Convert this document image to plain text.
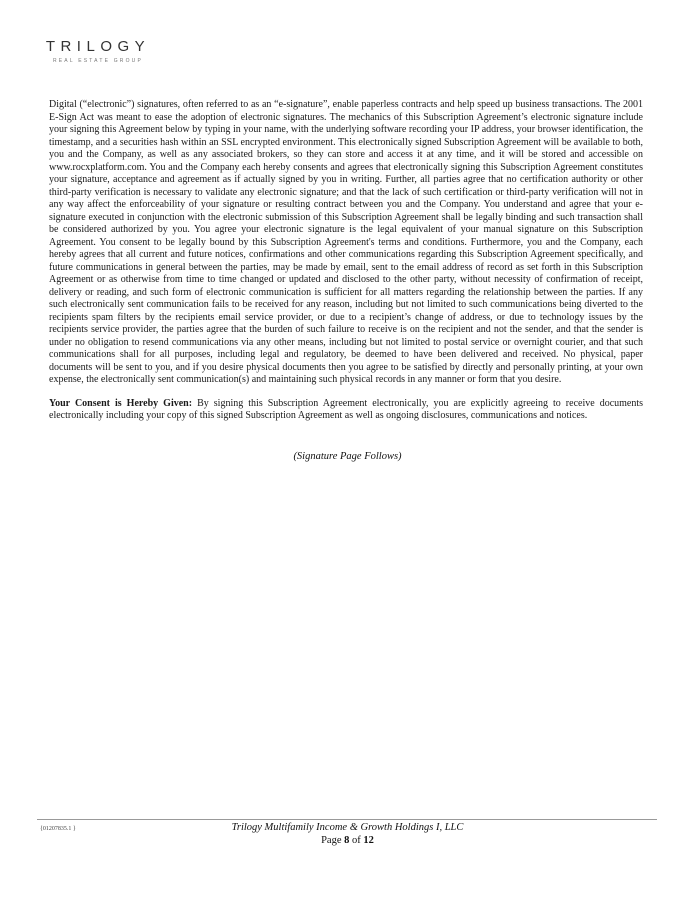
TRILOGY
REAL ESTATE GROUP

Digital (“electronic”) signatures, often referred to as an “e-signature”, enable paperless contracts and help speed up business transactions. The 2001 E-Sign Act was meant to ease the adoption of electronic signatures. The mechanics of this Subscription Agreement’s electronic signature include your signing this Agreement below by typing in your name, with the underlying software recording your IP address, your browser identification, the timestamp, and a securities hash within an SSL encrypted environment. This electronically signed Subscription Agreement will be available to both, you and the Company, as well as any associated brokers, so they can store and access it at any time, and it will be stored and accessible on www.rocxplatform.com. You and the Company each hereby consents and agrees that electronically signing this Subscription Agreement constitutes your signature, acceptance and agreement as if actually signed by you in writing. Further, all parties agree that no certification authority or other third-party verification is necessary to validate any electronic signature; and that the lack of such certification or third-party verification will not in any way affect the enforceability of your signature or resulting contract between you and the Company. You understand and agree that your e-signature executed in conjunction with the electronic submission of this Subscription Agreement shall be legally binding and such transaction shall be considered authorized by you. You agree your electronic signature is the legal equivalent of your manual signature on this Subscription Agreement. You consent to be legally bound by this Subscription Agreement's terms and conditions. Furthermore, you and the Company, each hereby agrees that all current and future notices, confirmations and other communications regarding this Subscription Agreement specifically, and future communications in general between the parties, may be made by email, sent to the email address of record as set forth in this Subscription Agreement or as otherwise from time to time changed or updated and disclosed to the other party, without necessity of confirmation of receipt, delivery or reading, and such form of electronic communication is sufficient for all matters regarding the relationship between the parties. If any such electronically sent communication fails to be received for any reason, including but not limited to such communications being diverted to the recipients spam filters by the recipients email service provider, or due to a recipient’s change of address, or due to technology issues by the recipients service provider, the parties agree that the burden of such failure to receive is on the recipient and not the sender, and that the sender is under no obligation to resend communications via any other means, including but not limited to postal service or overnight courier, and that such communications shall for all purposes, including legal and regulatory, be deemed to have been delivered and received. No physical, paper documents will be sent to you, and if you desire physical documents then you agree to be satisfied by directly and personally printing, at your own expense, the electronically sent communication(s) and maintaining such physical records in any manner or form that you desire.

Your Consent is Hereby Given: By signing this Subscription Agreement electronically, you are explicitly agreeing to receive documents electronically including your copy of this signed Subscription Agreement as well as ongoing disclosures, communications and notices.

(Signature Page Follows)
{01207835.1 }	Trilogy Multifamily Income & Growth Holdings I, LLC
Page 8 of 12
